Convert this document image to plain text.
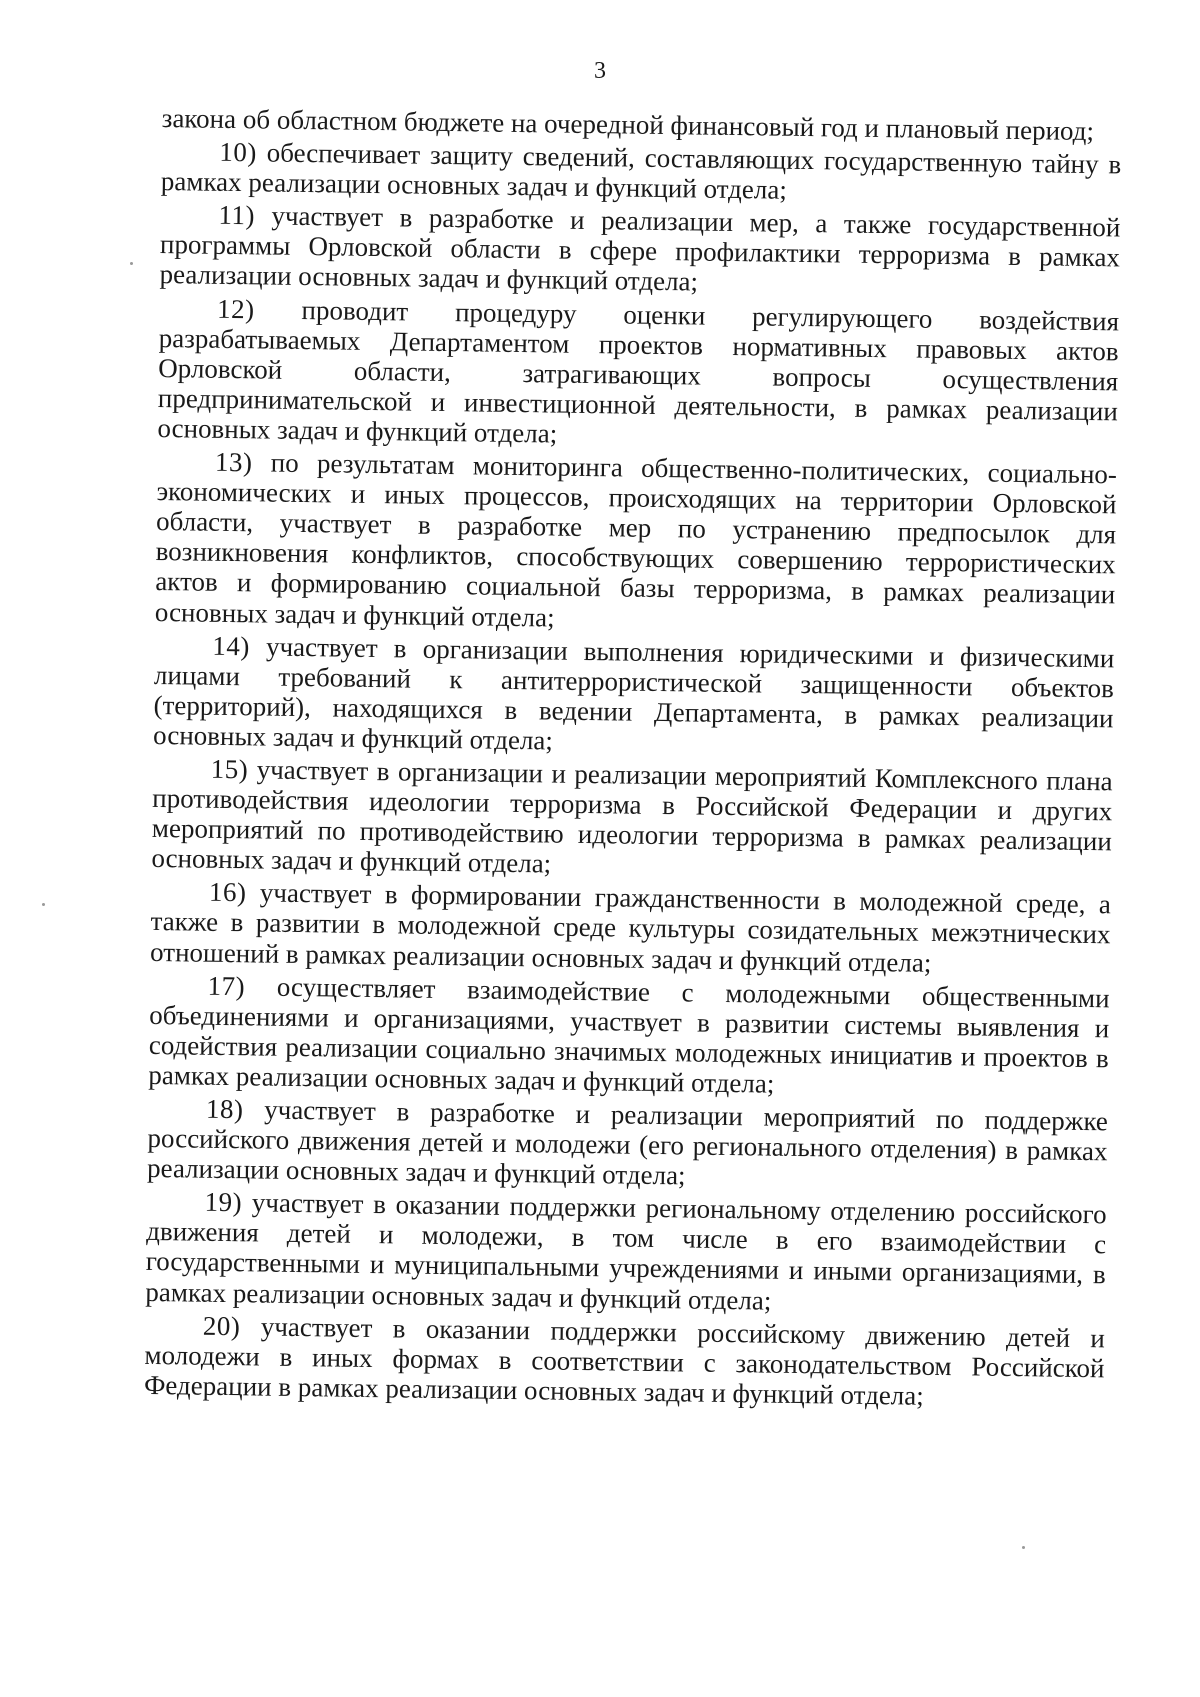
3

закона об областном бюджете на очередной финансовый год и плановый период;

10) обеспечивает защиту сведений, составляющих государственную тайну в рамках реализации основных задач и функций отдела;

11) участвует в разработке и реализации мер, а также государственной программы Орловской области в сфере профилактики терроризма в рамках реализации основных задач и функций отдела;

12) проводит процедуру оценки регулирующего воздействия разрабатываемых Департаментом проектов нормативных правовых актов Орловской области, затрагивающих вопросы осуществления предпринимательской и инвестиционной деятельности, в рамках реализации основных задач и функций отдела;

13) по результатам мониторинга общественно-политических, социально-экономических и иных процессов, происходящих на территории Орловской области, участвует в разработке мер по устранению предпосылок для возникновения конфликтов, способствующих совершению террористических актов и формированию социальной базы терроризма, в рамках реализации основных задач и функций отдела;

14) участвует в организации выполнения юридическими и физическими лицами требований к антитеррористической защищенности объектов (территорий), находящихся в ведении Департамента, в рамках реализации основных задач и функций отдела;

15) участвует в организации и реализации мероприятий Комплексного плана противодействия идеологии терроризма в Российской Федерации и других мероприятий по противодействию идеологии терроризма в рамках реализации основных задач и функций отдела;

16) участвует в формировании гражданственности в молодежной среде, а также в развитии в молодежной среде культуры созидательных межэтнических отношений в рамках реализации основных задач и функций отдела;

17) осуществляет взаимодействие с молодежными общественными объединениями и организациями, участвует в развитии системы выявления и содействия реализации социально значимых молодежных инициатив и проектов в рамках реализации основных задач и функций отдела;

18) участвует в разработке и реализации мероприятий по поддержке российского движения детей и молодежи (его регионального отделения) в рамках реализации основных задач и функций отдела;

19) участвует в оказании поддержки региональному отделению российского движения детей и молодежи, в том числе в его взаимодействии с государственными и муниципальными учреждениями и иными организациями, в рамках реализации основных задач и функций отдела;

20) участвует в оказании поддержки российскому движению детей и молодежи в иных формах в соответствии с законодательством Российской Федерации в рамках реализации основных задач и функций отдела;
